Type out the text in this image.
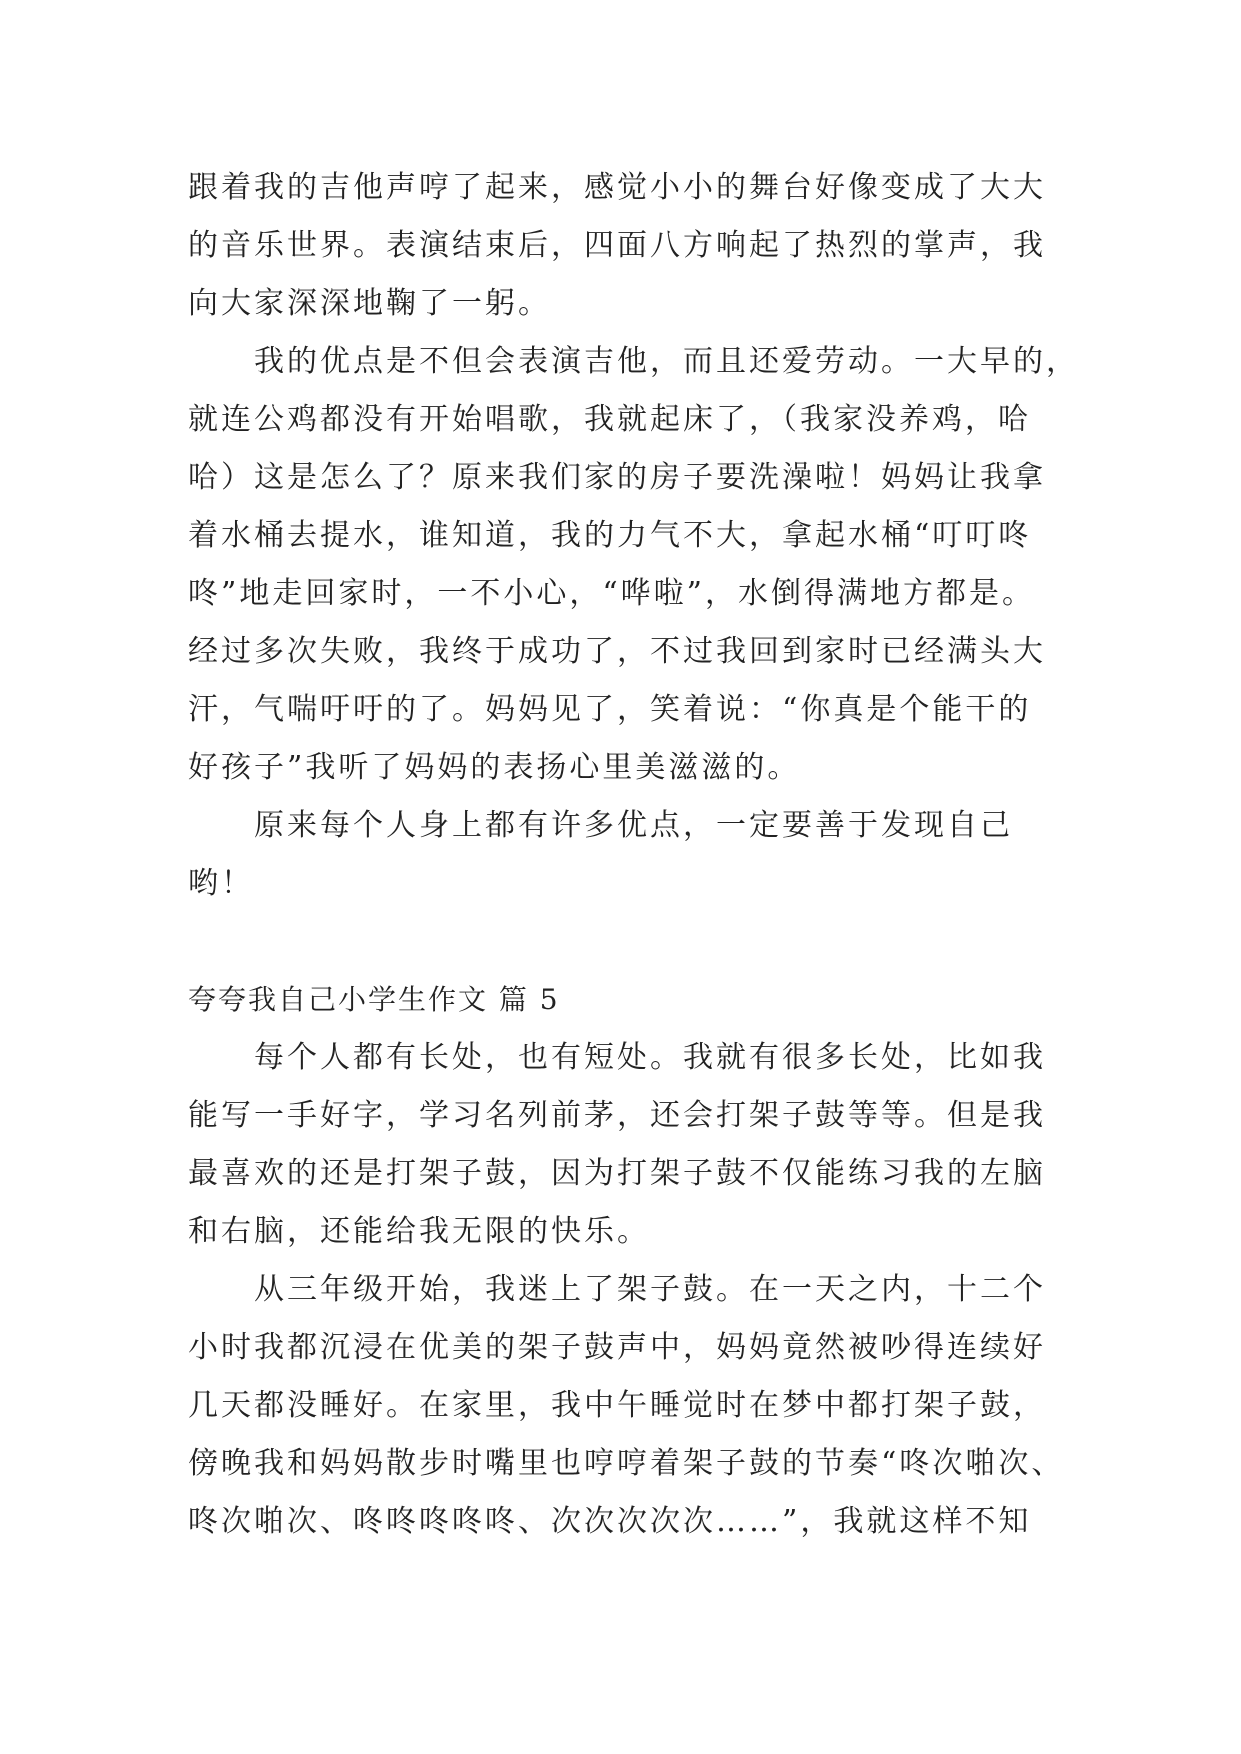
跟着我的吉他声哼了起来，感觉小小的舞台好像变成了大大
的音乐世界。表演结束后，四面八方响起了热烈的掌声，我
向大家深深地鞠了一躬。

我的优点是不但会表演吉他，而且还爱劳动。一大早的，
就连公鸡都没有开始唱歌，我就起床了，（我家没养鸡，哈
哈）这是怎么了？原来我们家的房子要洗澡啦！妈妈让我拿
着水桶去提水，谁知道，我的力气不大，拿起水桶“叮叮咚
咚”地走回家时，一不小心，“哗啦”，水倒得满地方都是。
经过多次失败，我终于成功了，不过我回到家时已经满头大
汗，气喘吁吁的了。妈妈见了，笑着说：“你真是个能干的
好孩子”我听了妈妈的表扬心里美滋滋的。

原来每个人身上都有许多优点，一定要善于发现自己
哟！

夸夸我自己小学生作文 篇 5

每个人都有长处，也有短处。我就有很多长处，比如我
能写一手好字，学习名列前茅，还会打架子鼓等等。但是我
最喜欢的还是打架子鼓，因为打架子鼓不仅能练习我的左脑
和右脑，还能给我无限的快乐。

从三年级开始，我迷上了架子鼓。在一天之内，十二个
小时我都沉浸在优美的架子鼓声中，妈妈竟然被吵得连续好
几天都没睡好。在家里，我中午睡觉时在梦中都打架子鼓，
傍晚我和妈妈散步时嘴里也哼哼着架子鼓的节奏“咚次啪次、
咚次啪次、咚咚咚咚咚、次次次次次……”，我就这样不知
